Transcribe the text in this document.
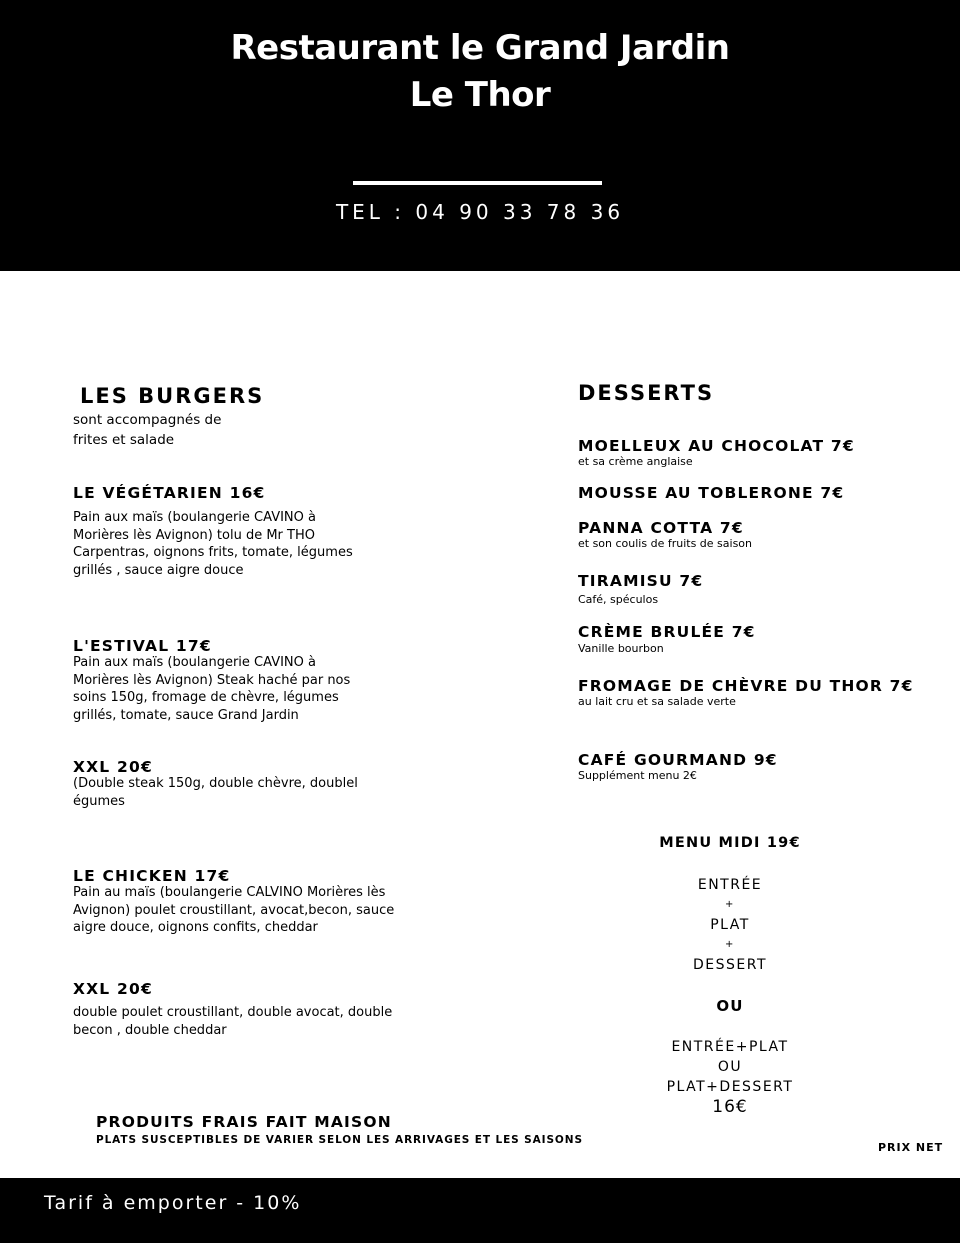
Restaurant le Grand Jardin
Le Thor
TEL : 04 90 33 78 36
LES BURGERS
sont accompagnés de
frites et salade
LE VÉGÉTARIEN 16€
Pain aux maïs (boulangerie CAVINO à
Morières lès Avignon) tolu de Mr THO
Carpentras, oignons frits, tomate, légumes
grillés , sauce aigre douce
L'ESTIVAL 17€
Pain aux maïs (boulangerie CAVINO à
Morières lès Avignon) Steak haché par nos
soins 150g, fromage de chèvre, légumes
grillés, tomate, sauce Grand Jardin
XXL 20€
(Double steak 150g, double chèvre, doublel
égumes
LE CHICKEN 17€
Pain au maïs (boulangerie CALVINO Morières lès
Avignon) poulet croustillant, avocat,becon, sauce
aigre douce, oignons confits, cheddar
XXL 20€
double poulet croustillant, double avocat, double
becon , double cheddar
DESSERTS
MOELLEUX AU CHOCOLAT 7€
et sa crème anglaise
MOUSSE AU TOBLERONE 7€
PANNA COTTA 7€
et son coulis de fruits de saison
TIRAMISU 7€
Café, spéculos
CRÈME BRULÉE 7€
Vanille bourbon
FROMAGE DE CHÈVRE DU THOR 7€
au lait cru et sa salade verte
CAFÉ GOURMAND 9€
Supplément menu 2€
MENU MIDI 19€
ENTRÉE
+
PLAT
+
DESSERT
OU
ENTRÉE+PLAT
OU
PLAT+DESSERT
16€
PRODUITS FRAIS FAIT MAISON
PLATS SUSCEPTIBLES DE VARIER SELON LES ARRIVAGES ET LES SAISONS
PRIX NET
Tarif à emporter - 10%
